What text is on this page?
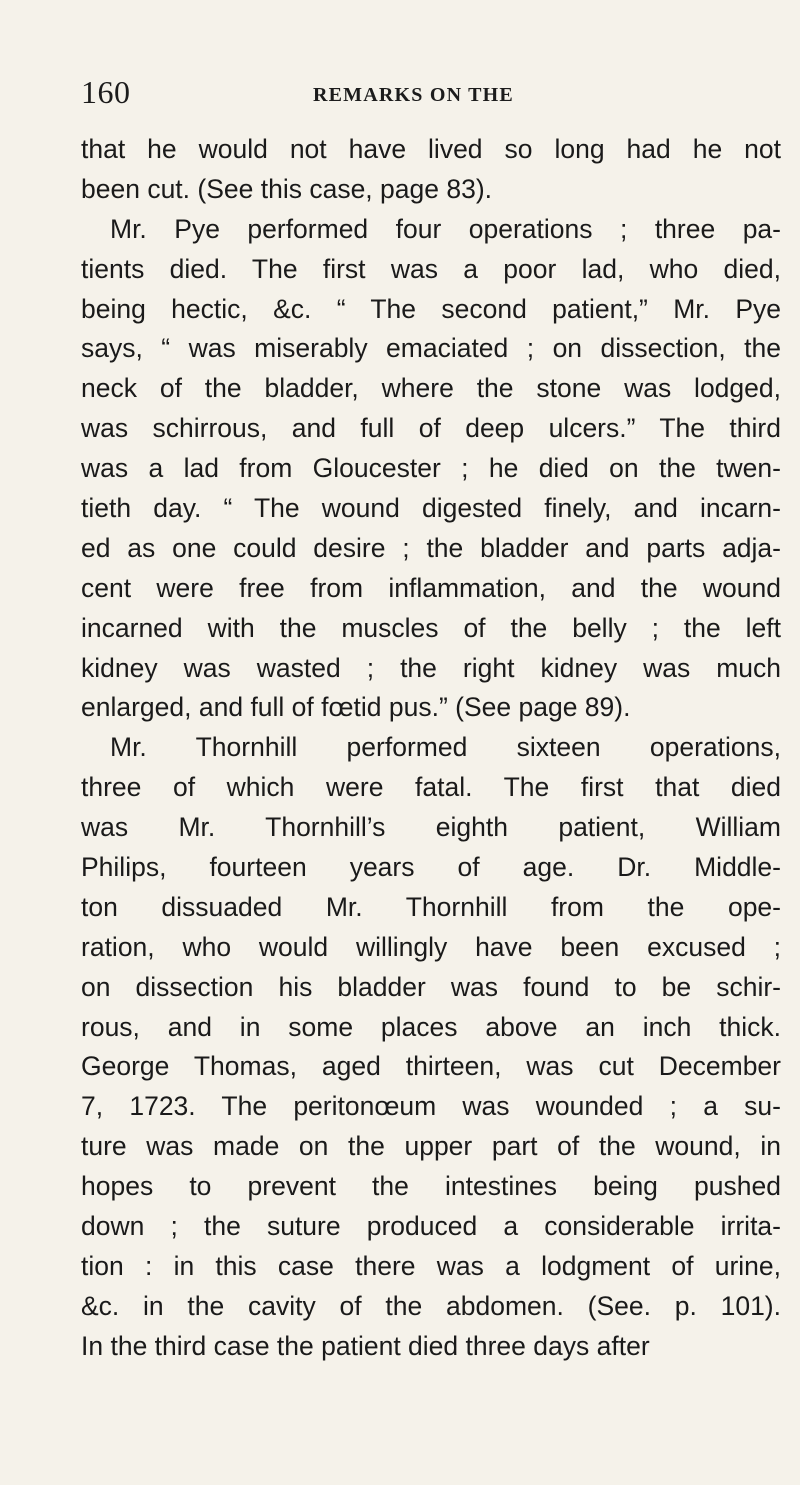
160	REMARKS ON THE
that he would not have lived so long had he not
been cut. (See this case, page 83).
Mr. Pye performed four operations ; three pa-
tients died. The first was a poor lad, who died,
being hectic, &c. “ The second patient,” Mr. Pye
says, “ was miserably emaciated ; on dissection, the
neck of the bladder, where the stone was lodged,
was schirrous, and full of deep ulcers.” The third
was a lad from Gloucester ; he died on the twen-
tieth day. “ The wound digested finely, and incarn-
ed as one could desire ; the bladder and parts adja-
cent were free from inflammation, and the wound
incarned with the muscles of the belly ; the left
kidney was wasted ; the right kidney was much
enlarged, and full of fœtid pus.” (See page 89).
Mr. Thornhill performed sixteen operations,
three of which were fatal. The first that died
was Mr. Thornhill’s eighth patient, William
Philips, fourteen years of age. Dr. Middle-
ton dissuaded Mr. Thornhill from the ope-
ration, who would willingly have been excused ;
on dissection his bladder was found to be schir-
rous, and in some places above an inch thick.
George Thomas, aged thirteen, was cut December
7, 1723. The peritonœum was wounded ; a su-
ture was made on the upper part of the wound, in
hopes to prevent the intestines being pushed
down ; the suture produced a considerable irrita-
tion : in this case there was a lodgment of urine,
&c. in the cavity of the abdomen. (See. p. 101).
In the third case the patient died three days after
